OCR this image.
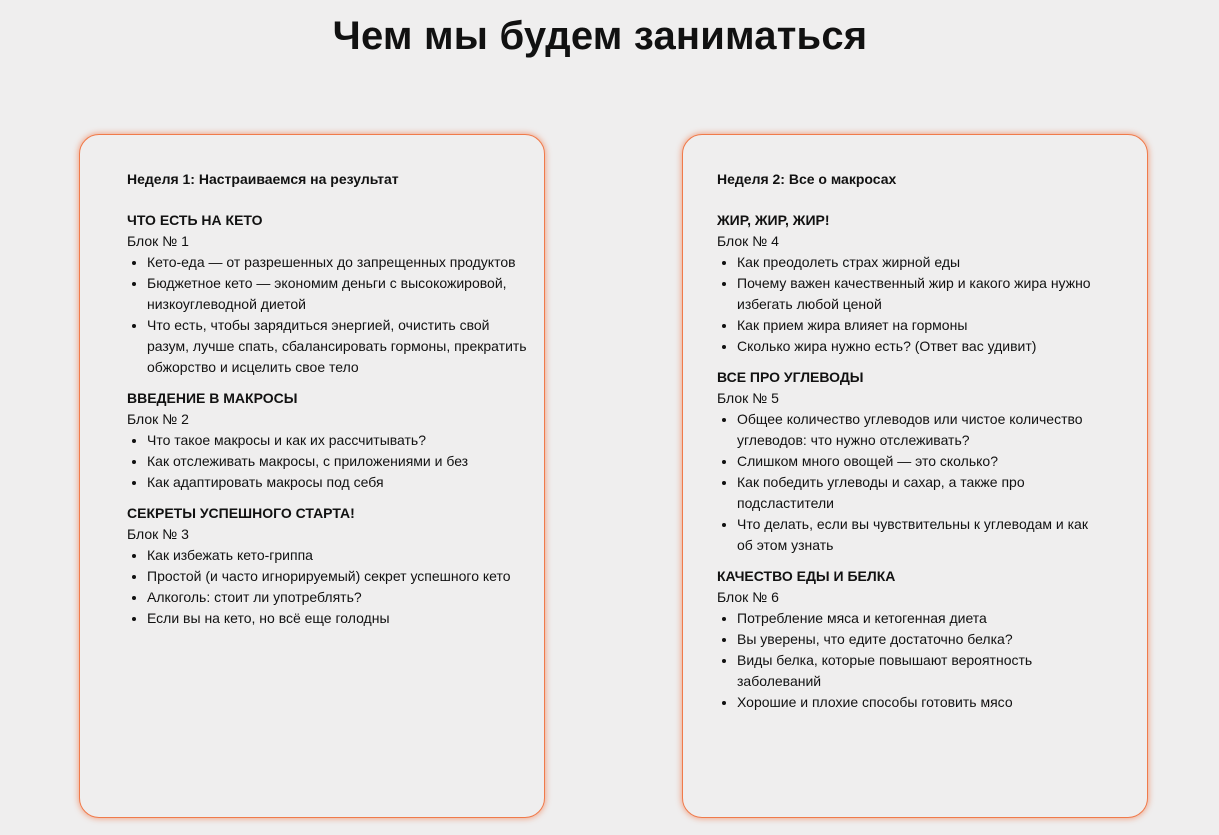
Чем мы будем заниматься

Неделя 1: Настраиваемся на результат

ЧТО ЕСТЬ НА КЕТО

Блок № 1

• Кето-еда — от разрешенных до запрещенных продуктов
• Бюджетное кето — экономим деньги с высокожировой, низкоуглеводной диетой
• Что есть, чтобы зарядиться энергией, очистить свой разум, лучше спать, сбалансировать гормоны, прекратить обжорство и исцелить свое тело

ВВЕДЕНИЕ В МАКРОСЫ

Блок № 2

• Что такое макросы и как их рассчитывать?
• Как отслеживать макросы, с приложениями и без
• Как адаптировать макросы под себя

СЕКРЕТЫ УСПЕШНОГО СТАРТА!

Блок № 3

• Как избежать кето-гриппа
• Простой (и часто игнорируемый) секрет успешного кето
• Алкоголь: стоит ли употреблять?
• Если вы на кето, но всё еще голодны

Неделя 2: Все о макросах

ЖИР, ЖИР, ЖИР!

Блок № 4

• Как преодолеть страх жирной еды
• Почему важен качественный жир и какого жира нужно избегать любой ценой
• Как прием жира влияет на гормоны
• Сколько жира нужно есть? (Ответ вас удивит)

ВСЕ ПРО УГЛЕВОДЫ

Блок № 5

• Общее количество углеводов или чистое количество углеводов: что нужно отслеживать?
• Слишком много овощей — это сколько?
• Как победить углеводы и сахар, а также про подсластители
• Что делать, если вы чувствительны к углеводам и как об этом узнать

КАЧЕСТВО ЕДЫ И БЕЛКА

Блок № 6

• Потребление мяса и кетогенная диета
• Вы уверены, что едите достаточно белка?
• Виды белка, которые повышают вероятность заболеваний
• Хорошие и плохие способы готовить мясо
